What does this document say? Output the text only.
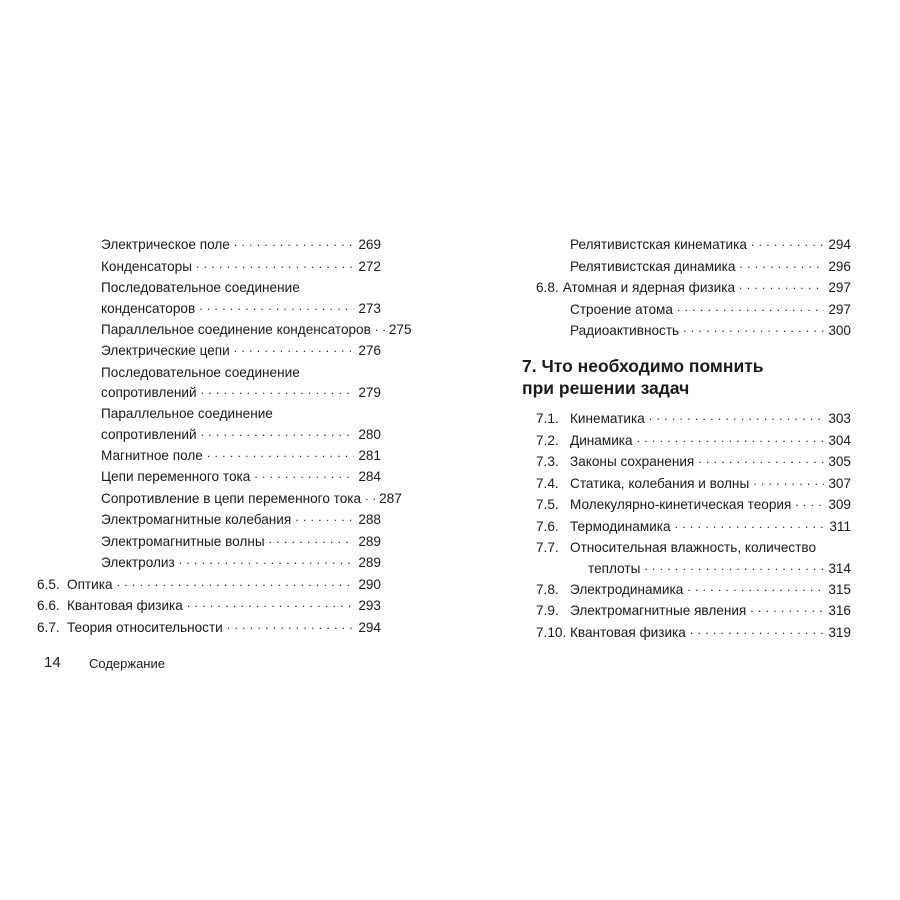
Электрическое поле . . .	269
Конденсаторы . . .	272
Последовательное соединение
конденсаторов . . .	273
Параллельное соединение конденсаторов . . . 275
Электрические цепи . . .	276
Последовательное соединение
сопротивлений . . .	279
Параллельное соединение
сопротивлений . . .	280
Магнитное поле . . .	281
Цепи переменного тока . . .	284
Сопротивление в цепи переменного тока . . . 287
Электромагнитные колебания . . .	288
Электромагнитные волны . . .	289
Электролиз . . .	289
6.5. Оптика . . .	290
6.6. Квантовая физика . . .	293
6.7. Теория относительности . . .	294
14 Содержание
Релятивистская кинематика . . .	294
Релятивистская динамика . . .	296
6.8. Атомная и ядерная физика . . .	297
Строение атома . . .	297
Радиоактивность . . .	300
7. Что необходимо помнить
при решении задач
7.1. Кинематика . . .	303
7.2. Динамика . . .	304
7.3. Законы сохранения . . .	305
7.4. Статика, колебания и волны . . .	307
7.5. Молекулярно-кинетическая теория . . .	309
7.6. Термодинамика . . .	311
7.7. Относительная влажность, количество
теплоты . . .	314
7.8. Электродинамика . . .	315
7.9. Электромагнитные явления . . .	316
7.10. Квантовая физика . . .	319
